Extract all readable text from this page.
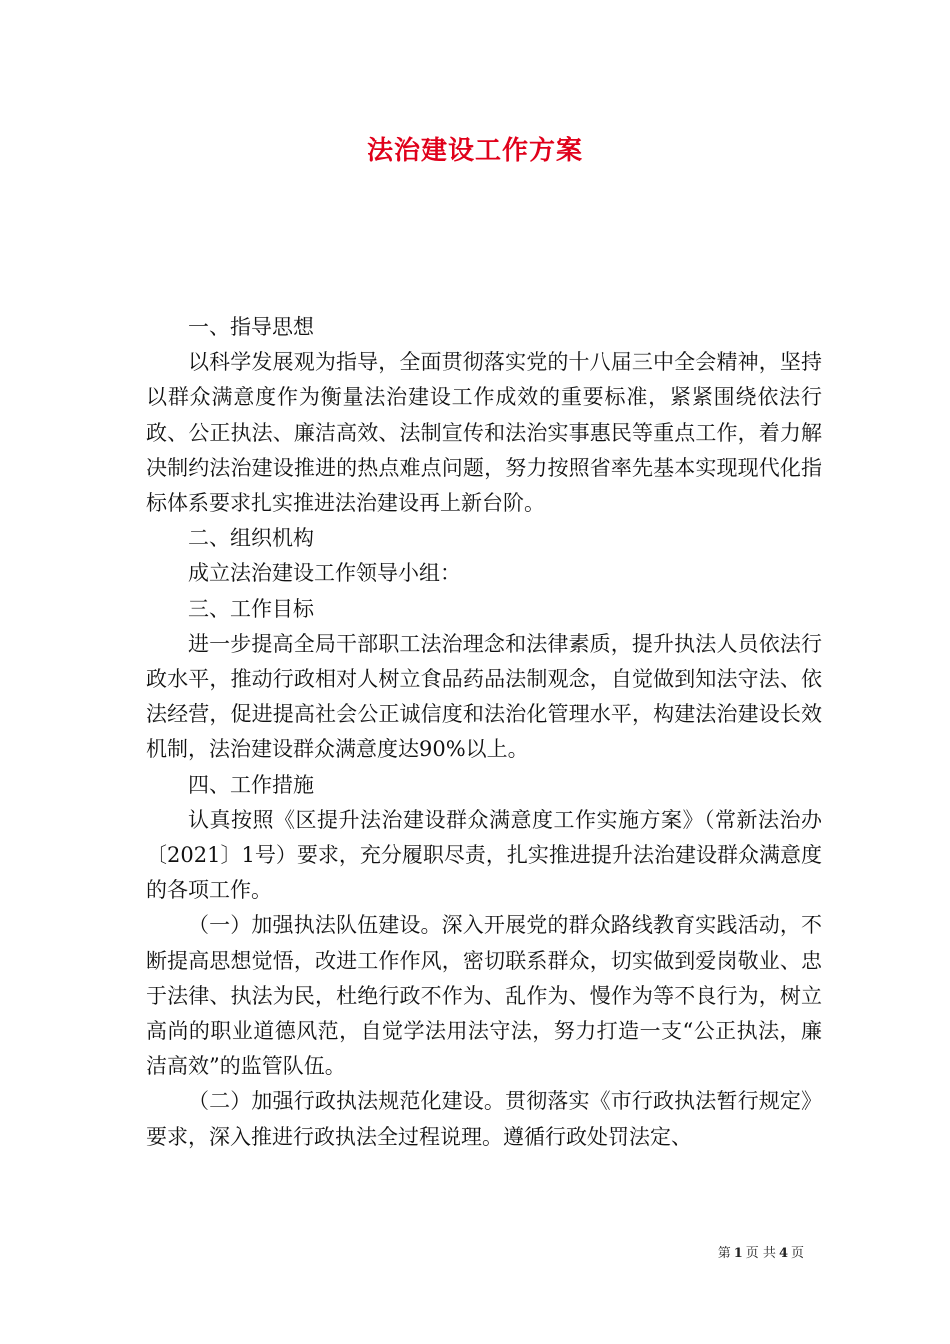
法治建设工作方案

一、指导思想

以科学发展观为指导，全面贯彻落实党的十八届三中全会精神，坚持以群众满意度作为衡量法治建设工作成效的重要标准，紧紧围绕依法行政、公正执法、廉洁高效、法制宣传和法治实事惠民等重点工作，着力解决制约法治建设推进的热点难点问题，努力按照省率先基本实现现代化指标体系要求扎实推进法治建设再上新台阶。

二、组织机构

成立法治建设工作领导小组：

三、工作目标

进一步提高全局干部职工法治理念和法律素质，提升执法人员依法行政水平，推动行政相对人树立食品药品法制观念，自觉做到知法守法、依法经营，促进提高社会公正诚信度和法治化管理水平，构建法治建设长效机制，法治建设群众满意度达90%以上。

四、工作措施

认真按照《区提升法治建设群众满意度工作实施方案》（常新法治办〔2021〕1号）要求，充分履职尽责，扎实推进提升法治建设群众满意度的各项工作。

（一）加强执法队伍建设。深入开展党的群众路线教育实践活动，不断提高思想觉悟，改进工作作风，密切联系群众，切实做到爱岗敬业、忠于法律、执法为民，杜绝行政不作为、乱作为、慢作为等不良行为，树立高尚的职业道德风范，自觉学法用法守法，努力打造一支“公正执法，廉洁高效”的监管队伍。

（二）加强行政执法规范化建设。贯彻落实《市行政执法暂行规定》要求，深入推进行政执法全过程说理。遵循行政处罚法定、

第 1 页 共 4 页
